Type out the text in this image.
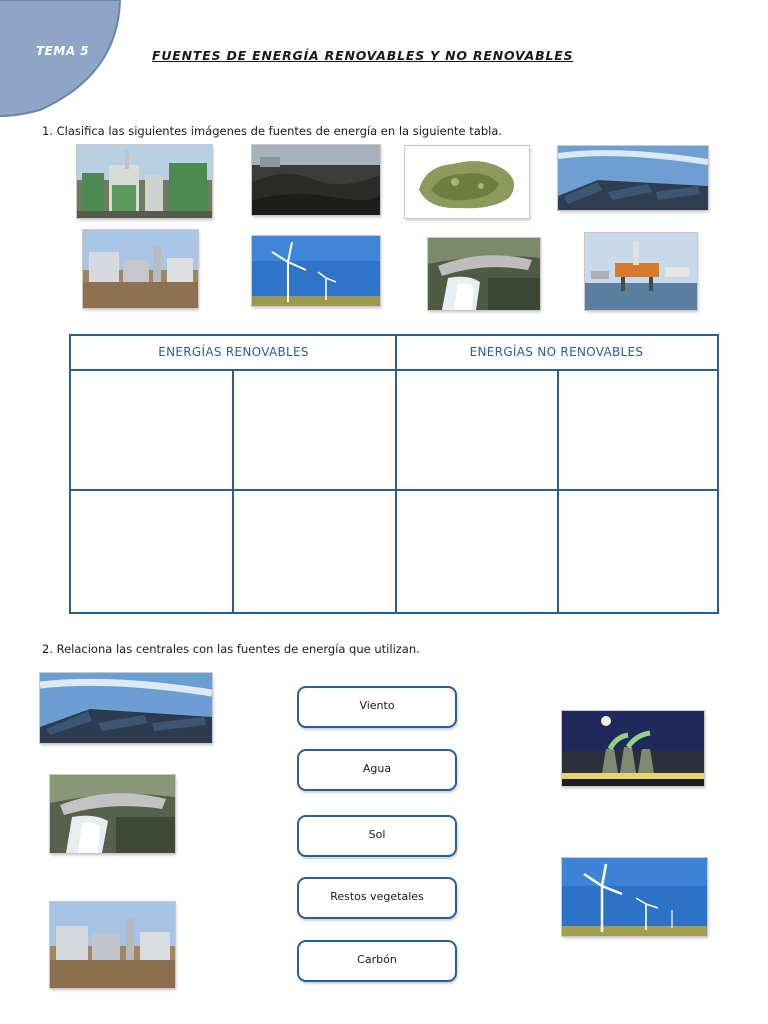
TEMA 5	FUENTES DE ENERGÍA RENOVABLES Y NO RENOVABLES
1. Clasifica las siguientes imágenes de fuentes de energía en la siguiente tabla.
ENERGÍAS RENOVABLES	ENERGÍAS NO RENOVABLES
2. Relaciona las centrales con las fuentes de energía que utilizan.
Viento
Agua
Sol
Restos vegetales
Carbón
